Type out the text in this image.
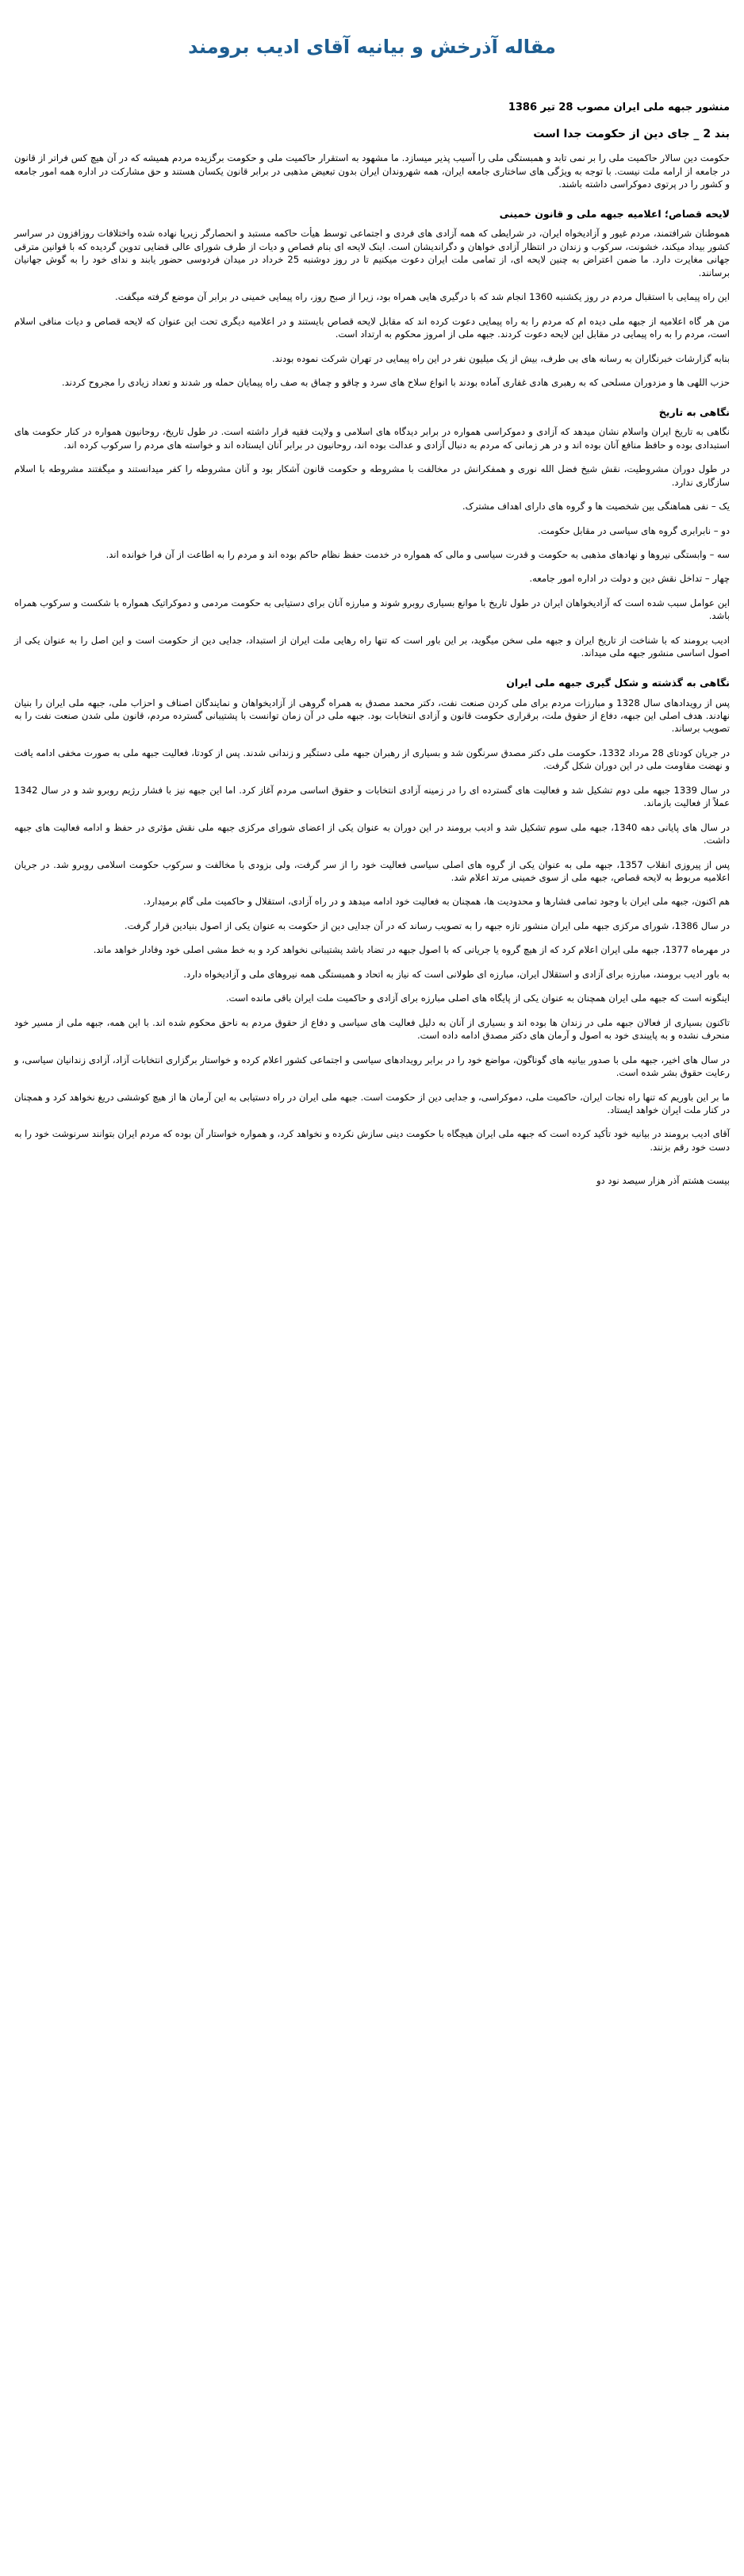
مقاله آذرخش و بیانیه آقای ادیب برومند
منشور جبهه ملی ایران مصوب 28 تیر 1386
بند 2 _ جای دین از حکومت جدا است

حکومت دین سالار حاکمیت ملی را بر نمی تابد و همبستگی ملی را آسیب پذیر میسازد. ما مشهود به استقرار حاکمیت ملی و حکومت برگزیده مردم همیشه که در آن هیچ کس فراتر از قانون در جامعه از ارامه ملت نیست. با توجه به ویژگی های ساختاری جامعه ایران، همه شهروندان ایران بدون تبعیض مذهبی در برابر قانون یکسان هستند و حق مشارکت در اداره همه امور جامعه و کشور را در پرتوی دموکراسی داشته باشند.

لایحه قصاص؛ اعلامیه جبهه ملی و قانون خمینی

هموطنان شرافتمند، مردم غیور و آزادیخواه ایران، در شرایطی که همه آزادی های فردی و اجتماعی توسط هیأت حاکمه مستبد و انحصارگر زیرپا نهاده شده واختلافات روزافزون در سراسر کشور بیداد میکند، خشونت، سرکوب و زندان در انتظار آزادی خواهان و دگراندیشان است. اینک لایحه ای بنام قصاص و دیات از طرف شورای عالی قضایی تدوین گردیده که با قوانین مترقی جهانی مغایرت دارد. ما ضمن اعتراض به چنین لایحه ای، از تمامی ملت ایران دعوت میکنیم تا در روز دوشنبه 25 خرداد در میدان فردوسی حضور یابند و ندای خود را به گوش جهانیان برسانند.

این راه پیمایی با استقبال مردم در روز یکشنبه 1360 انجام شد که با درگیری هایی همراه بود، زیرا از صبح روز، راه پیمایی خمینی در برابر آن موضع گرفته میگفت.

من هر گاه اعلامیه از جبهه ملی دیده ام که مردم را به راه پیمایی دعوت کرده اند که مقابل لایحه قصاص بایستند و در اعلامیه دیگری تحت این عنوان که لایحه قصاص و دیات منافی اسلام است، مردم را به راه پیمایی در مقابل این لایحه دعوت کردند. جبهه ملی از امروز محکوم به ارتداد است.

بنابه گزارشات خبرنگاران به رسانه های بی طرف، بیش از یک میلیون نفر در این راه پیمایی در تهران شرکت نموده بودند.

حزب اللهی ها و مزدوران مسلحی که به رهبری هادی غفاری آماده بودند با انواع سلاح های سرد و چاقو و چماق به صف راه پیمایان حمله ور شدند و تعداد زیادی را مجروح کردند.

نگاهی به تاریخ

نگاهی به تاریخ ایران واسلام نشان میدهد که آزادی و دموکراسی همواره در برابر دیدگاه های اسلامی و ولایت فقیه قرار داشته است. در طول تاریخ، روحانیون همواره در کنار حکومت های استبدادی بوده و حافظ منافع آنان بوده اند و در هر زمانی که مردم به دنبال آزادی و عدالت بوده اند، روحانیون در برابر آنان ایستاده اند و خواسته های مردم را سرکوب کرده اند.

در طول دوران مشروطیت، نقش شیخ فضل الله نوری و همفکرانش در مخالفت با مشروطه و حکومت قانون آشکار بود و آنان مشروطه را کفر میدانستند و میگفتند مشروطه با اسلام سازگاری ندارد.

یک – نفی هماهنگی بین شخصیت ها و گروه های دارای اهداف مشترک.

دو – نابرابری گروه های سیاسی در مقابل حکومت.

سه – وابستگی نیروها و نهادهای مذهبی به حکومت و قدرت سیاسی و مالی که همواره در خدمت حفظ نظام حاکم بوده اند و مردم را به اطاعت از آن فرا خوانده اند.

چهار – تداخل نقش دین و دولت در اداره امور جامعه.

این عوامل سبب شده است که آزادیخواهان ایران در طول تاریخ با موانع بسیاری روبرو شوند و مبارزه آنان برای دستیابی به حکومت مردمی و دموکراتیک همواره با شکست و سرکوب همراه باشد.

ادیب برومند که با شناخت از تاریخ ایران و جبهه ملی سخن میگوید، بر این باور است که تنها راه رهایی ملت ایران از استبداد، جدایی دین از حکومت است و این اصل را به عنوان یکی از اصول اساسی منشور جبهه ملی میداند.

نگاهی به گذشته و شکل گیری جبهه ملی ایران

پس از رویدادهای سال 1328 و مبارزات مردم برای ملی کردن صنعت نفت، دکتر محمد مصدق به همراه گروهی از آزادیخواهان و نمایندگان اصناف و احزاب ملی، جبهه ملی ایران را بنیان نهادند. هدف اصلی این جبهه، دفاع از حقوق ملت، برقراری حکومت قانون و آزادی انتخابات بود. جبهه ملی در آن زمان توانست با پشتیبانی گسترده مردم، قانون ملی شدن صنعت نفت را به تصویب برساند.

در جریان کودتای 28 مرداد 1332، حکومت ملی دکتر مصدق سرنگون شد و بسیاری از رهبران جبهه ملی دستگیر و زندانی شدند. پس از کودتا، فعالیت جبهه ملی به صورت مخفی ادامه یافت و نهضت مقاومت ملی در این دوران شکل گرفت.

در سال 1339 جبهه ملی دوم تشکیل شد و فعالیت های گسترده ای را در زمینه آزادی انتخابات و حقوق اساسی مردم آغاز کرد. اما این جبهه نیز با فشار رژیم روبرو شد و در سال 1342 عملاً از فعالیت بازماند.

در سال های پایانی دهه 1340، جبهه ملی سوم تشکیل شد و ادیب برومند در این دوران به عنوان یکی از اعضای شورای مرکزی جبهه ملی نقش مؤثری در حفظ و ادامه فعالیت های جبهه داشت.

پس از پیروزی انقلاب 1357، جبهه ملی به عنوان یکی از گروه های اصلی سیاسی فعالیت خود را از سر گرفت، ولی بزودی با مخالفت و سرکوب حکومت اسلامی روبرو شد. در جریان اعلامیه مربوط به لایحه قصاص، جبهه ملی از سوی خمینی مرتد اعلام شد.

هم اکنون، جبهه ملی ایران با وجود تمامی فشارها و محدودیت ها، همچنان به فعالیت خود ادامه میدهد و در راه آزادی، استقلال و حاکمیت ملی گام برمیدارد.

در سال 1386، شورای مرکزی جبهه ملی ایران منشور تازه جبهه را به تصویب رساند که در آن جدایی دین از حکومت به عنوان یکی از اصول بنیادین قرار گرفت.

در مهرماه 1377، جبهه ملی ایران اعلام کرد که از هیچ گروه یا جریانی که با اصول جبهه در تضاد باشد پشتیبانی نخواهد کرد و به خط مشی اصلی خود وفادار خواهد ماند.

به باور ادیب برومند، مبارزه برای آزادی و استقلال ایران، مبارزه ای طولانی است که نیاز به اتحاد و همبستگی همه نیروهای ملی و آزادیخواه دارد.

اینگونه است که جبهه ملی ایران همچنان به عنوان یکی از پایگاه های اصلی مبارزه برای آزادی و حاکمیت ملت ایران باقی مانده است.

تاکنون بسیاری از فعالان جبهه ملی در زندان ها بوده اند و بسیاری از آنان به دلیل فعالیت های سیاسی و دفاع از حقوق مردم به ناحق محکوم شده اند. با این همه، جبهه ملی از مسیر خود منحرف نشده و به پایبندی خود به اصول و آرمان های دکتر مصدق ادامه داده است.

در سال های اخیر، جبهه ملی با صدور بیانیه های گوناگون، مواضع خود را در برابر رویدادهای سیاسی و اجتماعی کشور اعلام کرده و خواستار برگزاری انتخابات آزاد، آزادی زندانیان سیاسی، و رعایت حقوق بشر شده است.

ما بر این باوریم که تنها راه نجات ایران، حاکمیت ملی، دموکراسی، و جدایی دین از حکومت است. جبهه ملی ایران در راه دستیابی به این آرمان ها از هیچ کوششی دریغ نخواهد کرد و همچنان در کنار ملت ایران خواهد ایستاد.

آقای ادیب برومند در بیانیه خود تأکید کرده است که جبهه ملی ایران هیچگاه با حکومت دینی سازش نکرده و نخواهد کرد، و همواره خواستار آن بوده که مردم ایران بتوانند سرنوشت خود را به دست خود رقم بزنند.

بیست هشتم آذر هزار سیصد نود دو
